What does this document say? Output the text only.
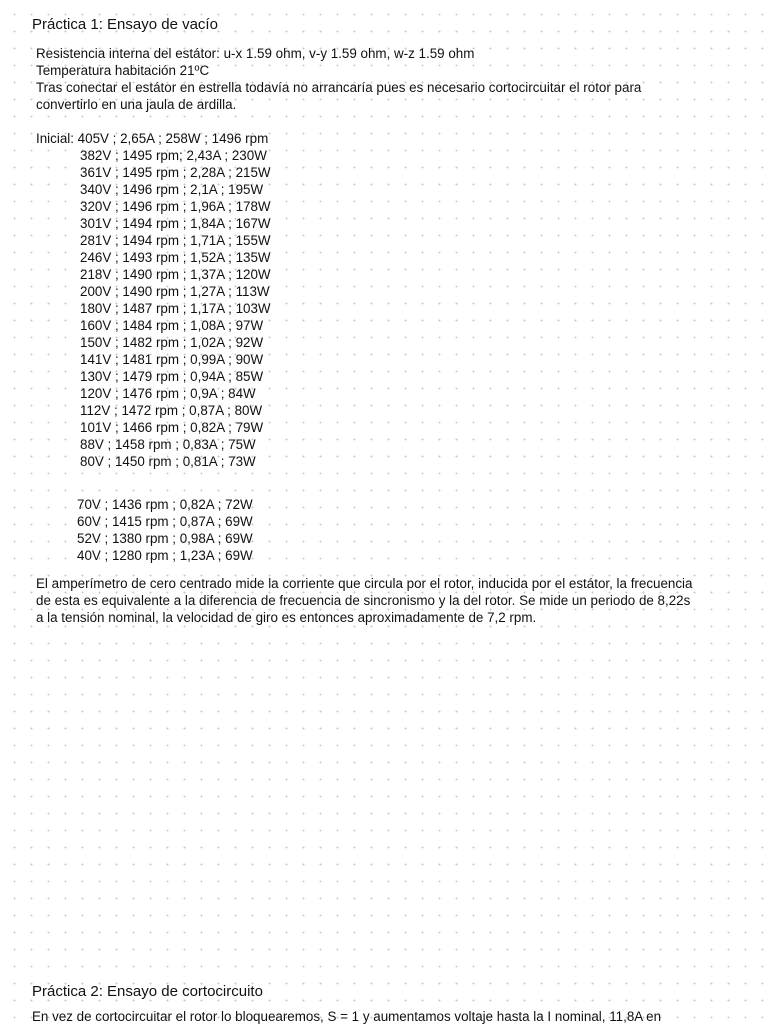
Práctica 1: Ensayo de vacío

Resistencia interna del estátor: u-x 1.59 ohm, v-y 1.59 ohm, w-z 1.59 ohm
Temperatura habitación 21ºC
Tras conectar el estátor en estrella todavía no arrancaría pues es necesario cortocircuitar el rotor para
convertirlo en una jaula de ardilla.

Inicial: 405V ; 2,65A ; 258W ; 1496 rpm
382V ; 1495 rpm; 2,43A ; 230W
361V ; 1495 rpm ; 2,28A ; 215W
340V ; 1496 rpm ; 2,1A ; 195W
320V ; 1496 rpm ; 1,96A ; 178W
301V ; 1494 rpm ; 1,84A ; 167W
281V ; 1494 rpm ; 1,71A ; 155W
246V ; 1493 rpm ; 1,52A ; 135W
218V ; 1490 rpm ; 1,37A ; 120W
200V ; 1490 rpm ; 1,27A ; 113W
180V ; 1487 rpm ; 1,17A ; 103W
160V ; 1484 rpm ; 1,08A ; 97W
150V ; 1482 rpm ; 1,02A ; 92W
141V ; 1481 rpm ; 0,99A ; 90W
130V ; 1479 rpm ; 0,94A ; 85W
120V ; 1476 rpm ; 0,9A ; 84W
112V ; 1472 rpm ; 0,87A ; 80W
101V ; 1466 rpm ; 0,82A ; 79W
88V ; 1458 rpm ; 0,83A ; 75W
80V ; 1450 rpm ; 0,81A ; 73W
70V ; 1436 rpm ; 0,82A ; 72W
60V ; 1415 rpm ; 0,87A ; 69W
52V ; 1380 rpm ; 0,98A ; 69W
40V ; 1280 rpm ; 1,23A ; 69W

El amperímetro de cero centrado mide la corriente que circula por el rotor, inducida por el estátor, la frecuencia
de esta es equivalente a la diferencia de frecuencia de sincronismo y la del rotor. Se mide un periodo de 8,22s
a la tensión nominal, la velocidad de giro es entonces aproximadamente de 7,2 rpm.

Práctica 2: Ensayo de cortocircuito

En vez de cortocircuitar el rotor lo bloquearemos, S = 1 y aumentamos voltaje hasta la I nominal, 11,8A en
